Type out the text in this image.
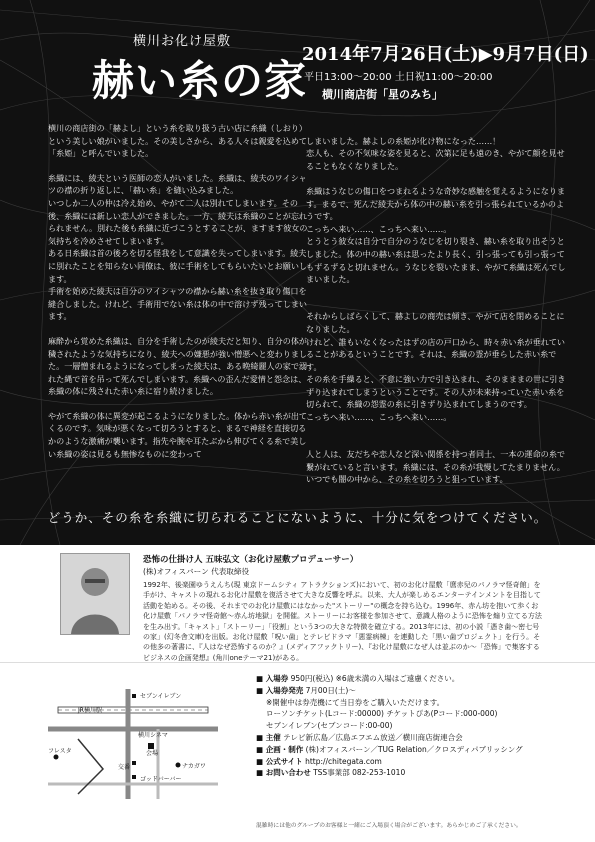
横川お化け屋敷
赫い糸の家
2014年7月26日(土)▶9月7日(日)
平日13:00〜20:00 土日祝11:00〜20:00
横川商店街「星のみち」

横川の商店街の「赫よし」という糸を取り扱う古い店に糸織（しおり）という美しい娘がいました。その美しさから、ある人々は親愛を込めて「糸姫」と呼んでいました。

糸織には、綾夫という医師の恋人がいました。糸織は、綾夫のワイシャツの襟の折り返しに、「赫い糸」を縫い込みました。

いつしか二人の仲は冷え始め、やがて二人は別れてしまいます。その後、糸織には新しい恋人ができました。一方、綾夫は糸織のことが忘れられません。別れた後も糸織に近づこうとすることが、ますます彼女の気持ちを冷めさせてしまいます。

ある日糸織は首の後ろを切る怪我をして意識を失ってしまいます。綾夫に別れたことを知らない同僚は、彼に手術をしてもらいたいとお願いします。

手術を始めた綾夫は自分のワイシャツの襟から赫い糸を抜き取り傷口を縫合しました。けれど、手術用でない糸は体の中で溶けず残ってしまいます。

麻酔から覚めた糸織は、自分を手術したのが綾夫だと知り、自分の体が穢されたような気持ちになり、綾夫への嫌悪が強い憎悪へと変わりました。一層憎まれるようになってしまった綾夫は、ある晩綺麗人の家で溺れた縄で首を吊って死んでしまいます。糸織への歪んだ愛情と怨念は、糸織の体に残された赤い糸に宿り続けました。

やがて糸織の体に異変が起こるようになりました。体から赤い糸が出てくるのです。気味が悪くなって切ろうとすると、まるで神経を直接切るかのような激痛が襲います。指先や腕や耳たぶから伸びてくる糸で美しい糸織の姿は見るも無惨なものに変わって

しまいました。赫よしの糸姫が化け物になった……！
恋人も、その不気味な姿を見ると、次第に足も遠のき、やがて顔を見せることもなくなりました。

糸織はうなじの傷口をつまれるような奇妙な感触を覚えるようになります。まるで、死んだ綾夫から体の中の赫い糸を引っ張られているかのようです。
こっちへ来い……、こっちへ来い……。
とうとう彼女は自分で自分のうなじを切り裂き、赫い糸を取り出そうとしました。体の中の赫い糸は思ったより長く、引っ張っても引っ張ってもずるずると切れません。うなじを裂いたまま、やがて糸織は死んでしまいました。

それからしばらくして、赫よしの商売は傾き、やがて店を閉めることになりました。
けれど、誰もいなくなったはずの店の戸口から、時々赤い糸が垂れていることがあるということです。それは、糸織の霊が垂らした赤い糸です。
その糸を手繰ると、不意に強い力で引き込まれ、そのまままの世に引きずり込まれてしまうということです。その人が未来持っていた赤い糸を切られて、糸織の怨霊の糸に引きずり込まれてしまうのです。
こっちへ来い……、こっちへ来い……。

人と人は、友だちや恋人など深い関係を持つ者同士、一本の運命の糸で繋がれていると言います。糸織には、その糸が我慢してたまりません。いつでも闇の中から、その糸を切ろうと狙っています。

どうか、その糸を糸織に切られることにないように、十分に気をつけてください。
恐怖の仕掛け人 五味弘文（お化け屋敷プロデューサー）
(株)オフィスバーン 代表取締役
1992年、後楽園ゆうえんち(現 東京ドームシティ アトラクションズ)において、初のお化け屋敷「麿赤兒のパノラマ怪奇館」を手がけ、キャストの現れるお化け屋敷を復活させて大きな反響を呼ぶ。以来、大人が楽しめるエンターテインメントを目指して活動を始める。その後、それまでのお化け屋敷にはなかった"ストーリー"の概念を持ち込む。1996年、赤ん坊を抱いて歩くお化け屋敷「パノラマ怪奇館〜赤ん坊地獄」を開催。ストーリーにお客様を参加させて、意識人格のように恐怖を煽り立てる方法を生み出す。「キャスト」「ストーリー」「役割」という3つの大きな特徴を確立する。2013年には、初の小説「憑き歯〜密七号の家」(幻冬舎文庫)を出版。お化け屋敷「呪い歯」とテレビドラマ「悪霊病棟」を連動した「黒い歯プロジェクト」を行う。その他多の著書に、『人はなぜ恐怖するのか？』(メディアファクトリー)、『お化け屋敷になぜ人は並ぶのか〜「恐怖」で集客するビジネスの企画発想』(角川oneテーマ21)がある。
セブンイレブン
JR横川駅
横川シネマ
フレスタ	会場
交番	ナカガワ
ゴッドバーバー
■ 入場券
950円(税込) ※6歳未満の入場はご遠慮ください。
■ 入場券発売
7月00日(土)〜
※開催中は券売機にて当日券をご購入いただけます。
ローソンチケット(Lコード:00000) チケットぴあ(Pコード:000-000)
セブンイレブン(セブンコード:00-00)
■ 主催
テレビ新広島／広島エフエム放送／横川商店街連合会
■ 企画・制作
(株)オフィスバーン／TUG Relation／クロスディパブリッシング
■ 公式サイト
http://chitegata.com
■ お問い合わせ
TSS事業部 082-253-1010
混雑時には他のグループのお客様と一緒にご入場頂く場合がございます。あらかじめご了承ください。
